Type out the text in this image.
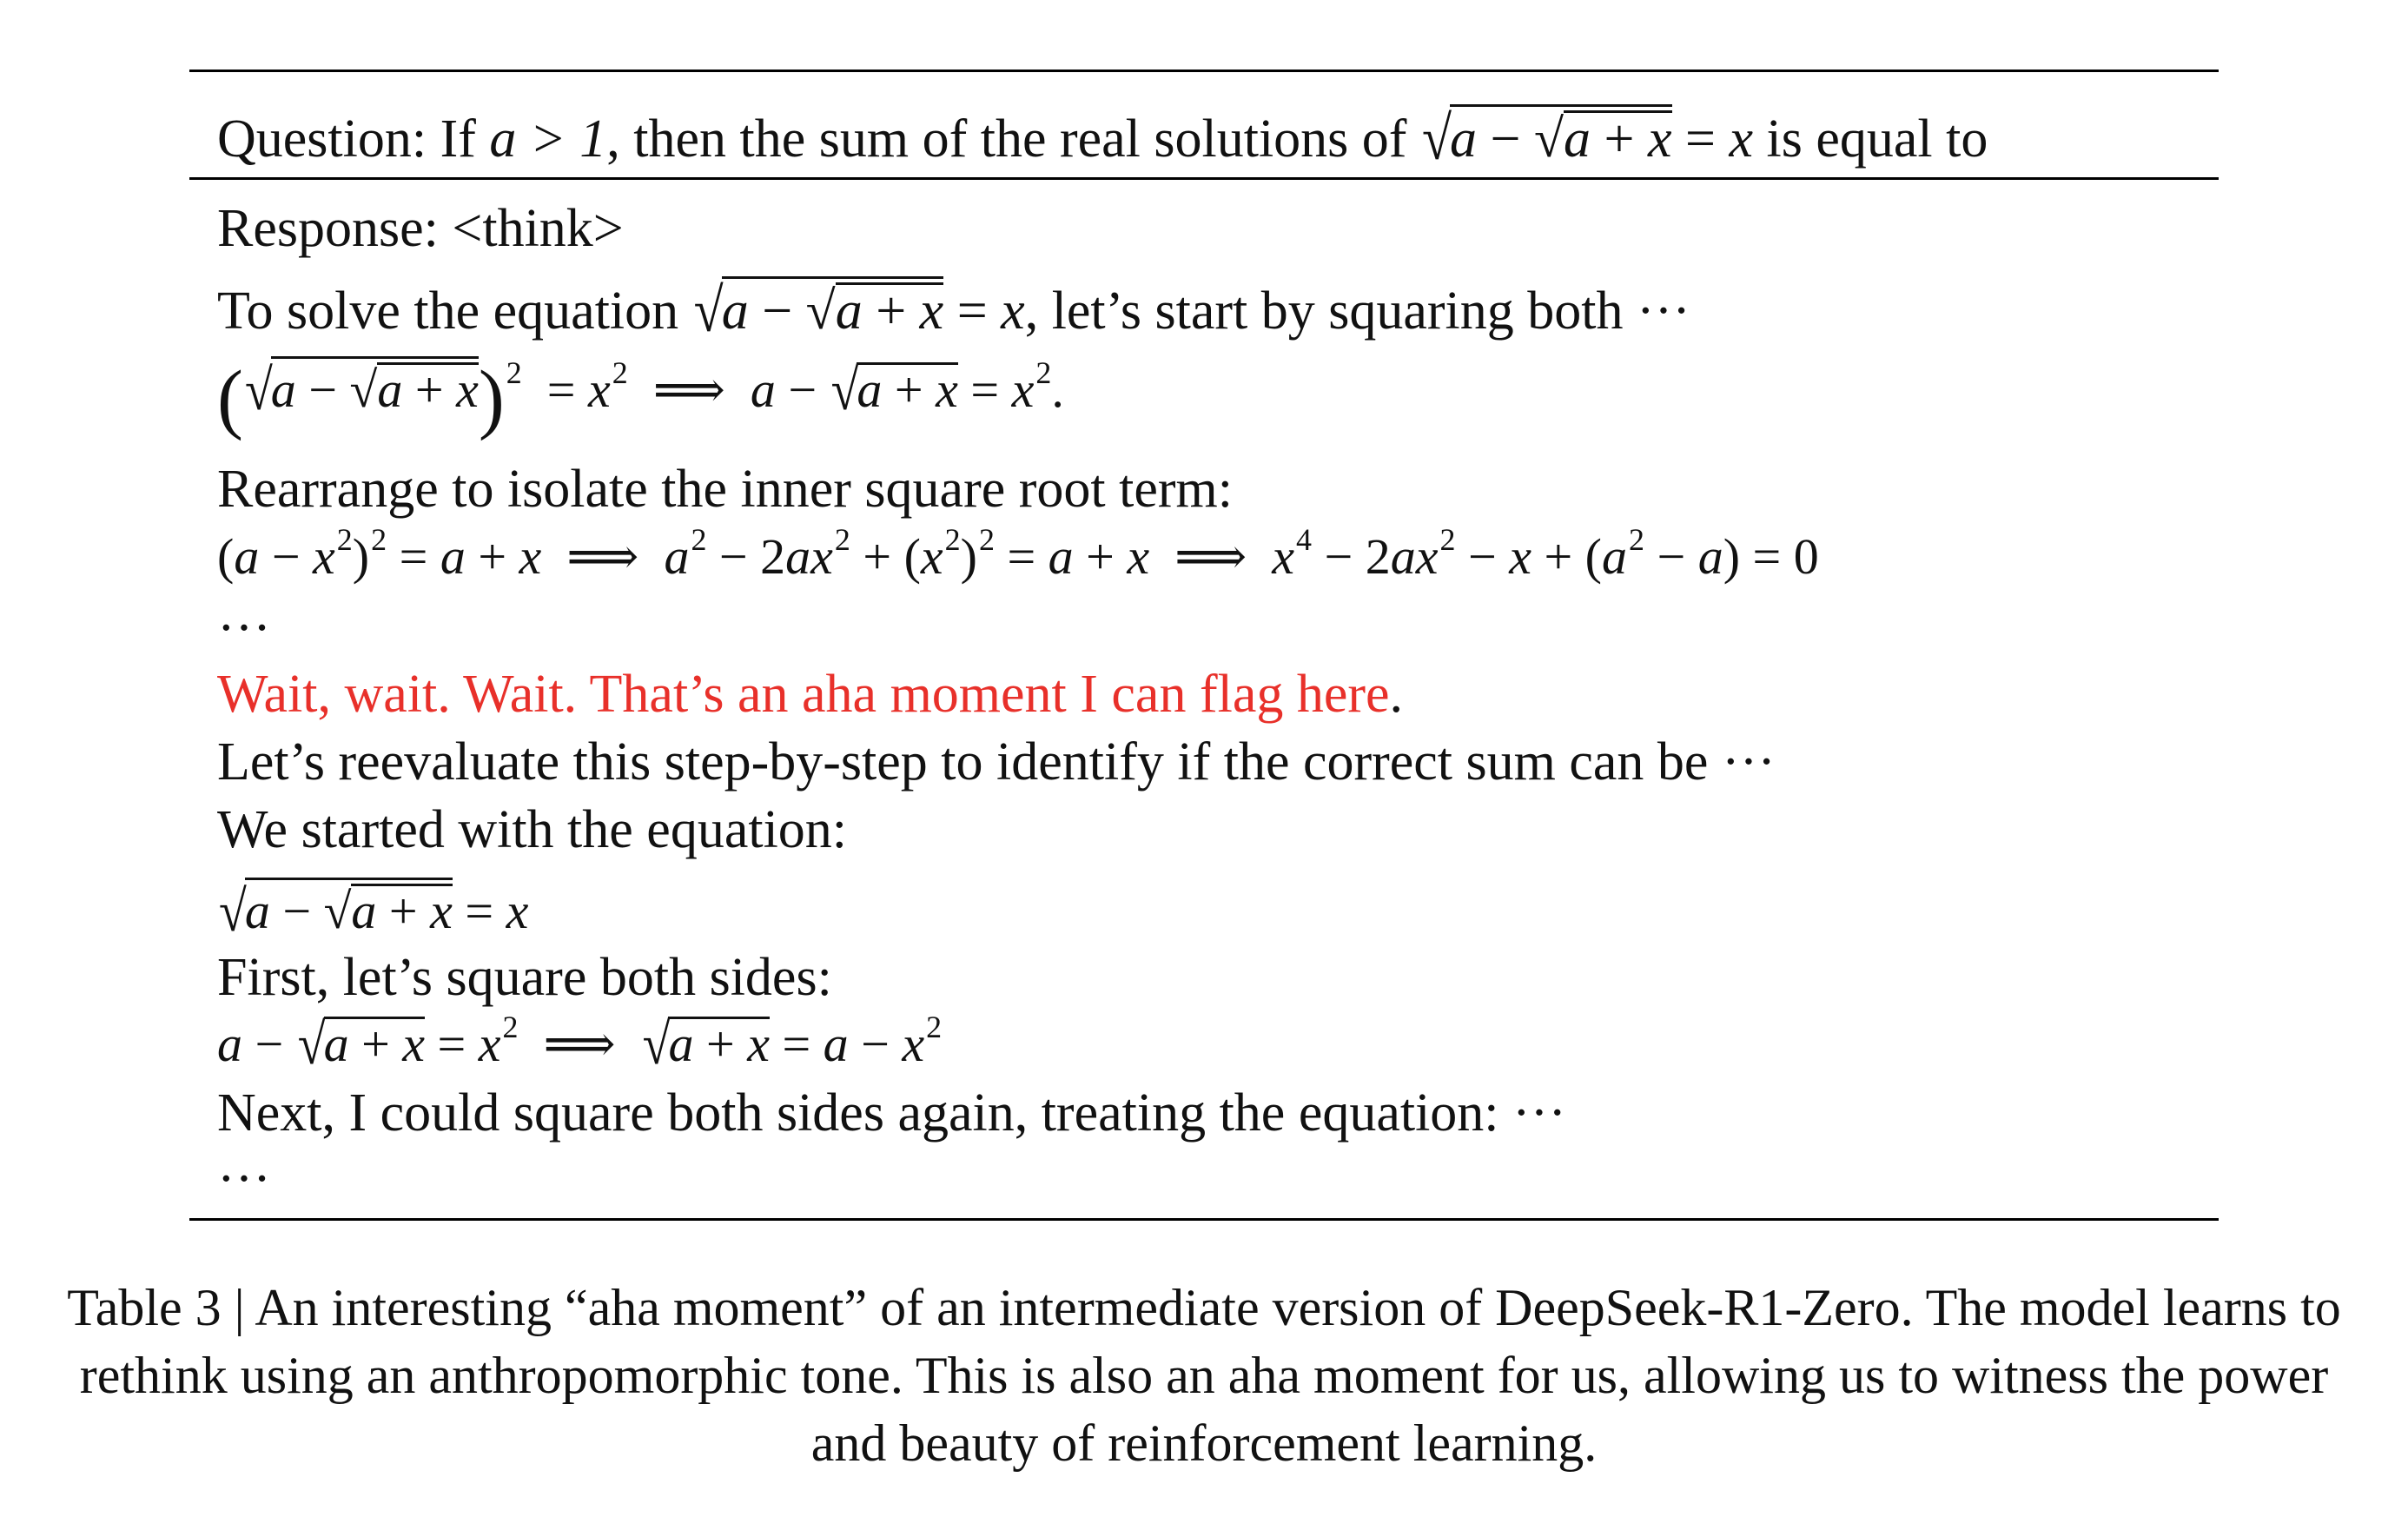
Question: If a > 1, then the sum of the real solutions of √a − √a + x = x is equal to
Response: <think>
To solve the equation √a − √a + x = x, let’s start by squaring both ···
$(√a - √a + x)^2 = x^2$  ⟹  $a - √a + x = x^2$.
Rearrange to isolate the inner square root term:
$(a - x^2)^2 = a + x$  ⟹  $a^2 - 2ax^2 + (x^2)^2 = a + x$  ⟹  $x^4 - 2ax^2 - x + (a^2 - a) = 0$
···
Wait, wait. Wait. That’s an aha moment I can flag here.
Let’s reevaluate this step-by-step to identify if the correct sum can be ···
We started with the equation:
√a − √a + x = x
First, let’s square both sides:
$a - √a + x = x^2$  ⟹  $√a + x = a - x^2$
Next, I could square both sides again, treating the equation: ···
···
Table 3 | An interesting “aha moment” of an intermediate version of DeepSeek-R1-Zero. The model learns to rethink using an anthropomorphic tone. This is also an aha moment for us, allowing us to witness the power and beauty of reinforcement learning.
